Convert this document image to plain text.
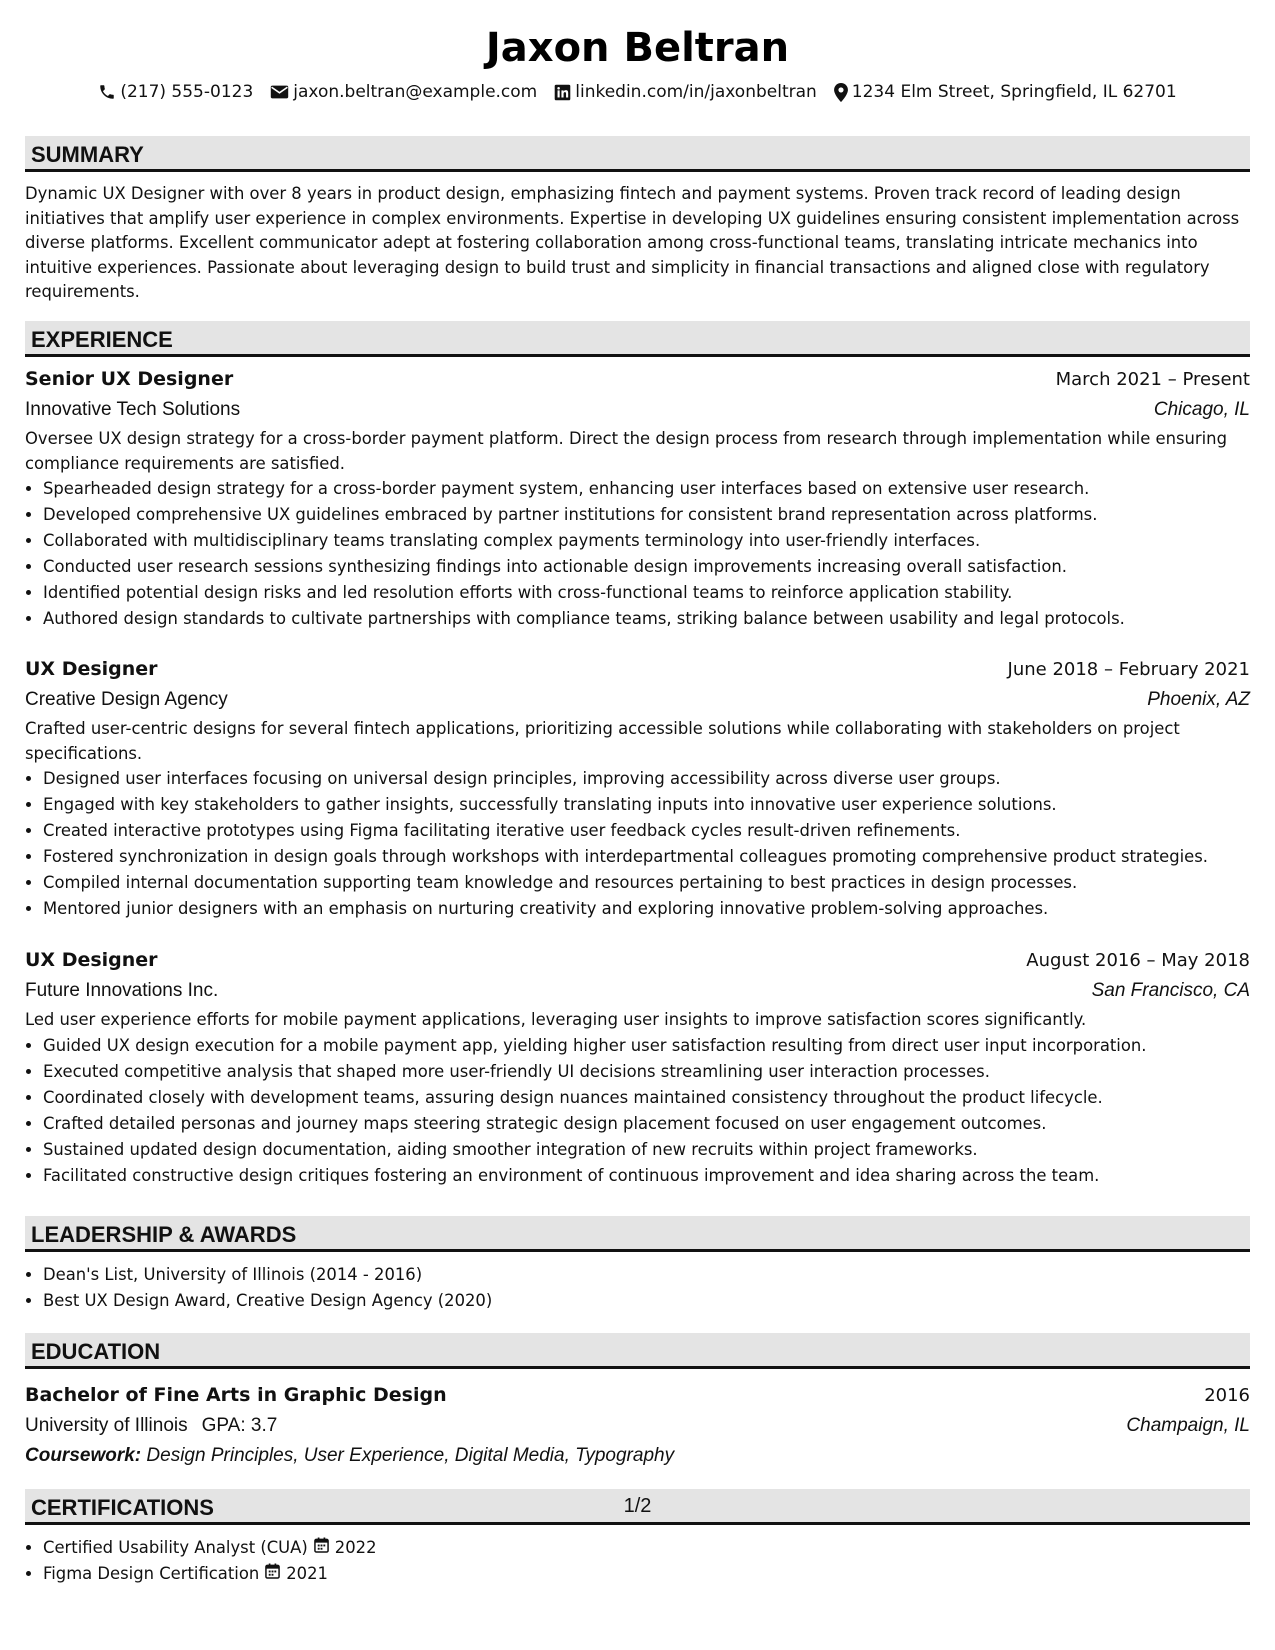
Jaxon Beltran
(217) 555-0123 jaxon.beltran@example.com linkedin.com/in/jaxonbeltran 1234 Elm Street, Springfield, IL 62701
SUMMARY

Dynamic UX Designer with over 8 years in product design, emphasizing fintech and payment systems. Proven track record of leading design initiatives that amplify user experience in complex environments. Expertise in developing UX guidelines ensuring consistent implementation across diverse platforms. Excellent communicator adept at fostering collaboration among cross-functional teams, translating intricate mechanics into intuitive experiences. Passionate about leveraging design to build trust and simplicity in financial transactions and aligned close with regulatory requirements.

EXPERIENCE
Senior UX Designer	March 2021 – Present
Innovative Tech Solutions	Chicago, IL

Oversee UX design strategy for a cross-border payment platform. Direct the design process from research through implementation while ensuring compliance requirements are satisfied.

• Spearheaded design strategy for a cross-border payment system, enhancing user interfaces based on extensive user research.
• Developed comprehensive UX guidelines embraced by partner institutions for consistent brand representation across platforms.
• Collaborated with multidisciplinary teams translating complex payments terminology into user-friendly interfaces.
• Conducted user research sessions synthesizing findings into actionable design improvements increasing overall satisfaction.
• Identified potential design risks and led resolution efforts with cross-functional teams to reinforce application stability.
• Authored design standards to cultivate partnerships with compliance teams, striking balance between usability and legal protocols.
UX Designer	June 2018 – February 2021
Creative Design Agency	Phoenix, AZ

Crafted user-centric designs for several fintech applications, prioritizing accessible solutions while collaborating with stakeholders on project specifications.

• Designed user interfaces focusing on universal design principles, improving accessibility across diverse user groups.
• Engaged with key stakeholders to gather insights, successfully translating inputs into innovative user experience solutions.
• Created interactive prototypes using Figma facilitating iterative user feedback cycles result-driven refinements.
• Fostered synchronization in design goals through workshops with interdepartmental colleagues promoting comprehensive product strategies.
• Compiled internal documentation supporting team knowledge and resources pertaining to best practices in design processes.
• Mentored junior designers with an emphasis on nurturing creativity and exploring innovative problem-solving approaches.
UX Designer	August 2016 – May 2018
Future Innovations Inc.	San Francisco, CA

Led user experience efforts for mobile payment applications, leveraging user insights to improve satisfaction scores significantly.

• Guided UX design execution for a mobile payment app, yielding higher user satisfaction resulting from direct user input incorporation.
• Executed competitive analysis that shaped more user-friendly UI decisions streamlining user interaction processes.
• Coordinated closely with development teams, assuring design nuances maintained consistency throughout the product lifecycle.
• Crafted detailed personas and journey maps steering strategic design placement focused on user engagement outcomes.
• Sustained updated design documentation, aiding smoother integration of new recruits within project frameworks.
• Facilitated constructive design critiques fostering an environment of continuous improvement and idea sharing across the team.
LEADERSHIP & AWARDS
• Dean's List, University of Illinois (2014 - 2016)
• Best UX Design Award, Creative Design Agency (2020)
EDUCATION
Bachelor of Fine Arts in Graphic Design	2016
University of Illinois GPA: 3.7	Champaign, IL
Coursework: Design Principles, User Experience, Digital Media, Typography
CERTIFICATIONS
• Certified Usability Analyst (CUA) 2022
• Figma Design Certification 2021
1/2
